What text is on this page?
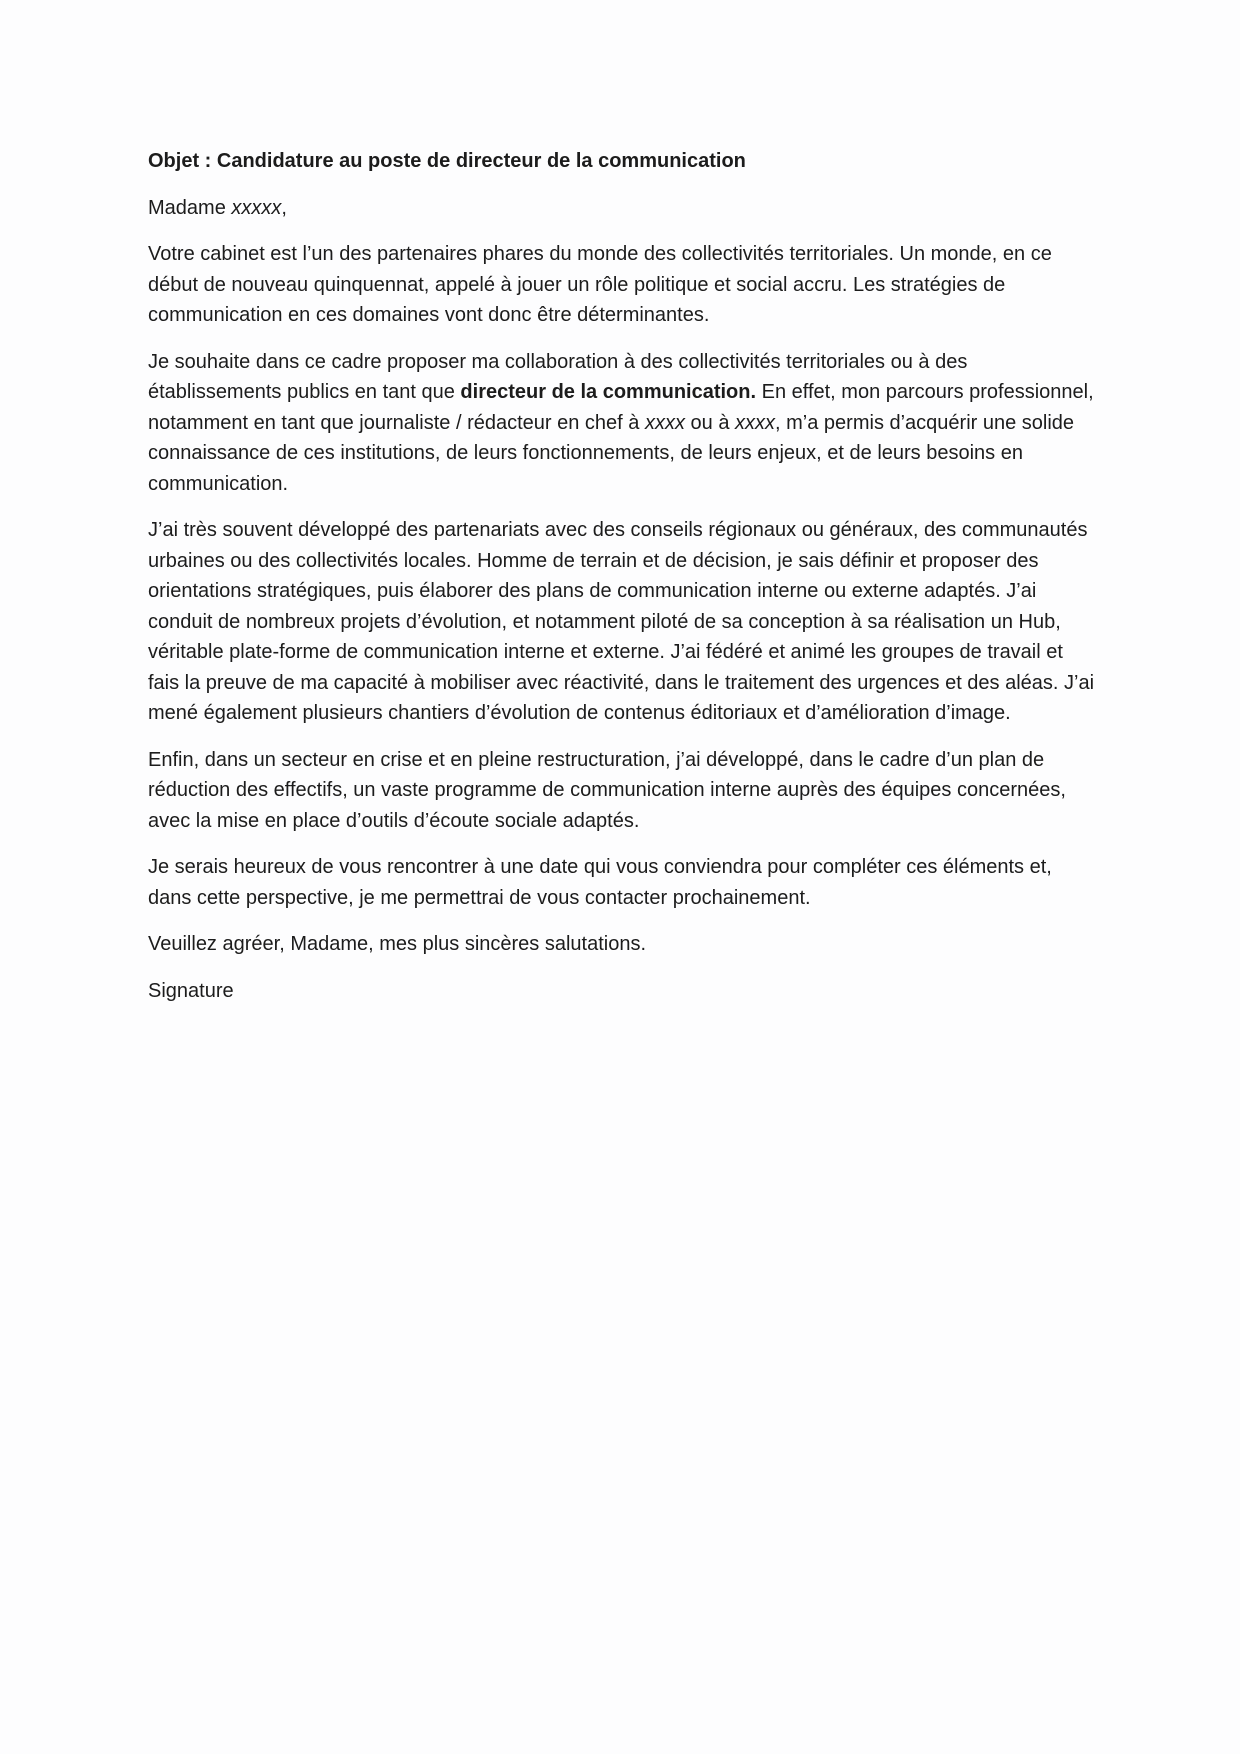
Objet : Candidature au poste de directeur de la communication

Madame xxxxx,

Votre cabinet est l’un des partenaires phares du monde des collectivités territoriales. Un monde, en ce début de nouveau quinquennat, appelé à jouer un rôle politique et social accru. Les stratégies de communication en ces domaines vont donc être déterminantes.

Je souhaite dans ce cadre proposer ma collaboration à des collectivités territoriales ou à des établissements publics en tant que directeur de la communication. En effet, mon parcours professionnel, notamment en tant que journaliste / rédacteur en chef à xxxx ou à xxxx, m’a permis d’acquérir une solide connaissance de ces institutions, de leurs fonctionnements, de leurs enjeux, et de leurs besoins en communication.

J’ai très souvent développé des partenariats avec des conseils régionaux ou généraux, des communautés urbaines ou des collectivités locales. Homme de terrain et de décision, je sais définir et proposer des orientations stratégiques, puis élaborer des plans de communication interne ou externe adaptés. J’ai conduit de nombreux projets d’évolution, et notamment piloté de sa conception à sa réalisation un Hub, véritable plate-forme de communication interne et externe. J’ai fédéré et animé les groupes de travail et fais la preuve de ma capacité à mobiliser avec réactivité, dans le traitement des urgences et des aléas. J’ai mené également plusieurs chantiers d’évolution de contenus éditoriaux et d’amélioration d’image.

Enfin, dans un secteur en crise et en pleine restructuration, j’ai développé, dans le cadre d’un plan de réduction des effectifs, un vaste programme de communication interne auprès des équipes concernées, avec la mise en place d’outils d’écoute sociale adaptés.

Je serais heureux de vous rencontrer à une date qui vous conviendra pour compléter ces éléments et, dans cette perspective, je me permettrai de vous contacter prochainement.

Veuillez agréer, Madame, mes plus sincères salutations.

Signature
